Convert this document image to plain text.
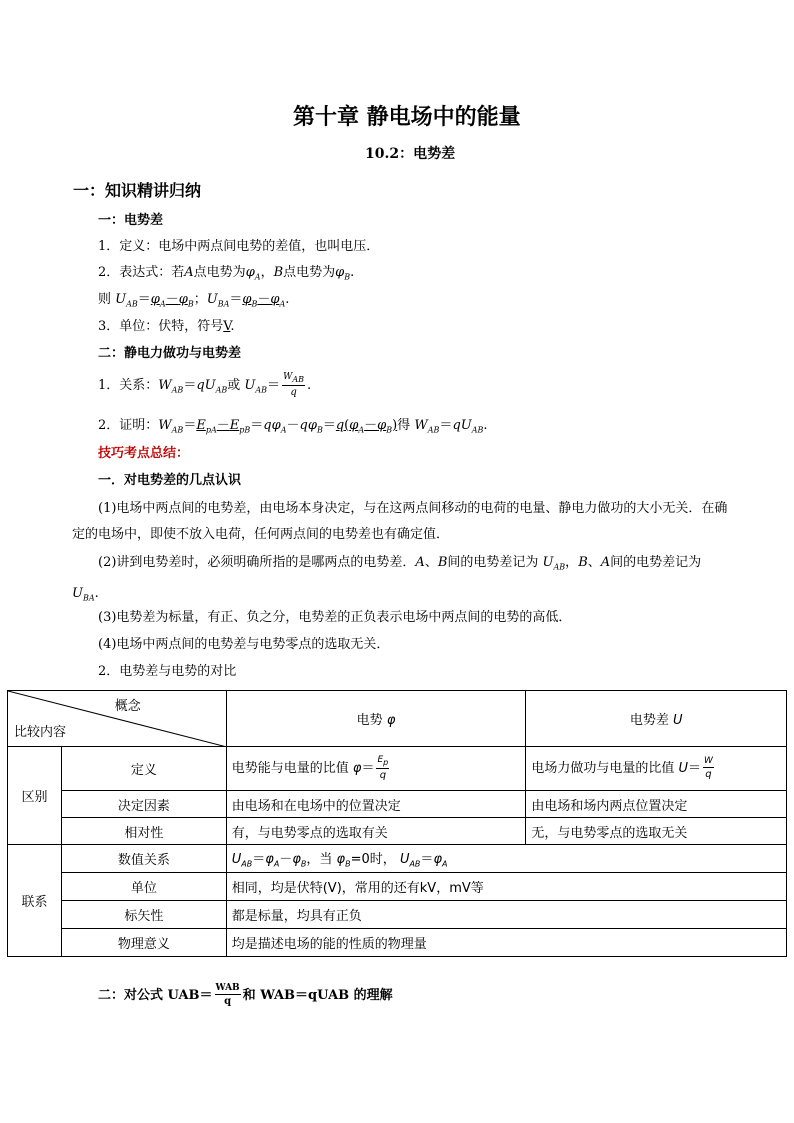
第十章 静电场中的能量
10.2：电势差
一：知识精讲归纳
一：电势差
1．定义：电场中两点间电势的差值，也叫电压．
2．表达式：若A点电势为$\varphi_A$，B点电势为$\varphi_B$.
则 $U_{AB}=\varphi_A-\varphi_B$；$U_{BA}=\varphi_B-\varphi_A$.
3．单位：伏特，符号V.
二：静电力做功与电势差
1．关系：$W_{AB}=qU_{AB}$或 $U_{AB}= \frac{W_{AB}}{q}$ .
2．证明：$W_{AB}=E_{pA}-E_{pB}=q\varphi_A-q\varphi_B=q(\varphi_A-\varphi_B)$得 $W_{AB}=qU_{AB}$.
技巧考点总结：
一．对电势差的几点认识
(1)电场中两点间的电势差，由电场本身决定，与在这两点间移动的电荷的电量、静电力做功的大小无关．在确定的电场中，即使不放入电荷，任何两点间的电势差也有确定值．
(2)讲到电势差时，必须明确所指的是哪两点的电势差．A、B间的电势差记为 $U_{AB}$，B、A间的电势差记为 $U_{BA}$.
(3)电势差为标量，有正、负之分，电势差的正负表示电场中两点间的电势的高低．
(4)电场中两点间的电势差与电势零点的选取无关．
2．电势差与电势的对比
概念
比较内容		电势 φ	电势差 U
区别	定义	电势能与电量的比值 $\varphi= \frac{E_p}{q}$	电场力做功与电量的比值 $U= \frac{W}{q}$

	决定因素	由电场和在电场中的位置决定	由电场和场内两点位置决定
	相对性	有，与电势零点的选取有关	无，与电势零点的选取无关
联系	数值关系	$U_{AB}=\varphi_A-\varphi_B$，当 $\varphi_B=0$时， $U_{AB}=\varphi_A$
	单位	相同，均是伏特(V)，常用的还有kV，mV等	
	标矢性	都是标量，均具有正负	
	物理意义	均是描述电场的能的性质的物理量	
二：对公式 $UAB= \frac{\text{WAB}}{q}$ 和 WAB＝qUAB 的理解
